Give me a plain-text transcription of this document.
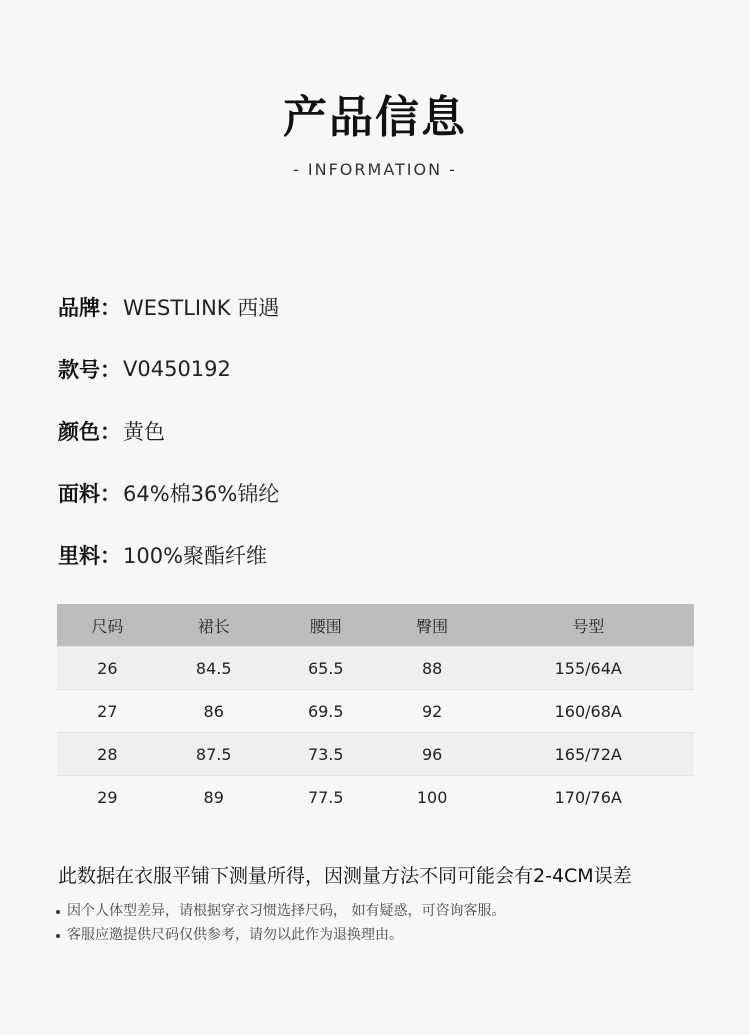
产品信息
- INFORMATION -
品牌： WESTLINK 西遇
款号： V0450192
颜色： 黄色
面料： 64%棉36%锦纶
里料： 100%聚酯纤维
尺码	裙长	腰围	臀围	号型
26	84.5	65.5	88	155/64A
27	86	69.5	92	160/68A
28	87.5	73.5	96	165/72A
29	89	77.5	100	170/76A
此数据在衣服平铺下测量所得，因测量方法不同可能会有2-4CM误差
因个人体型差异，请根据穿衣习惯选择尺码， 如有疑惑，可咨询客服。
客服应邀提供尺码仅供参考，请勿以此作为退换理由。
